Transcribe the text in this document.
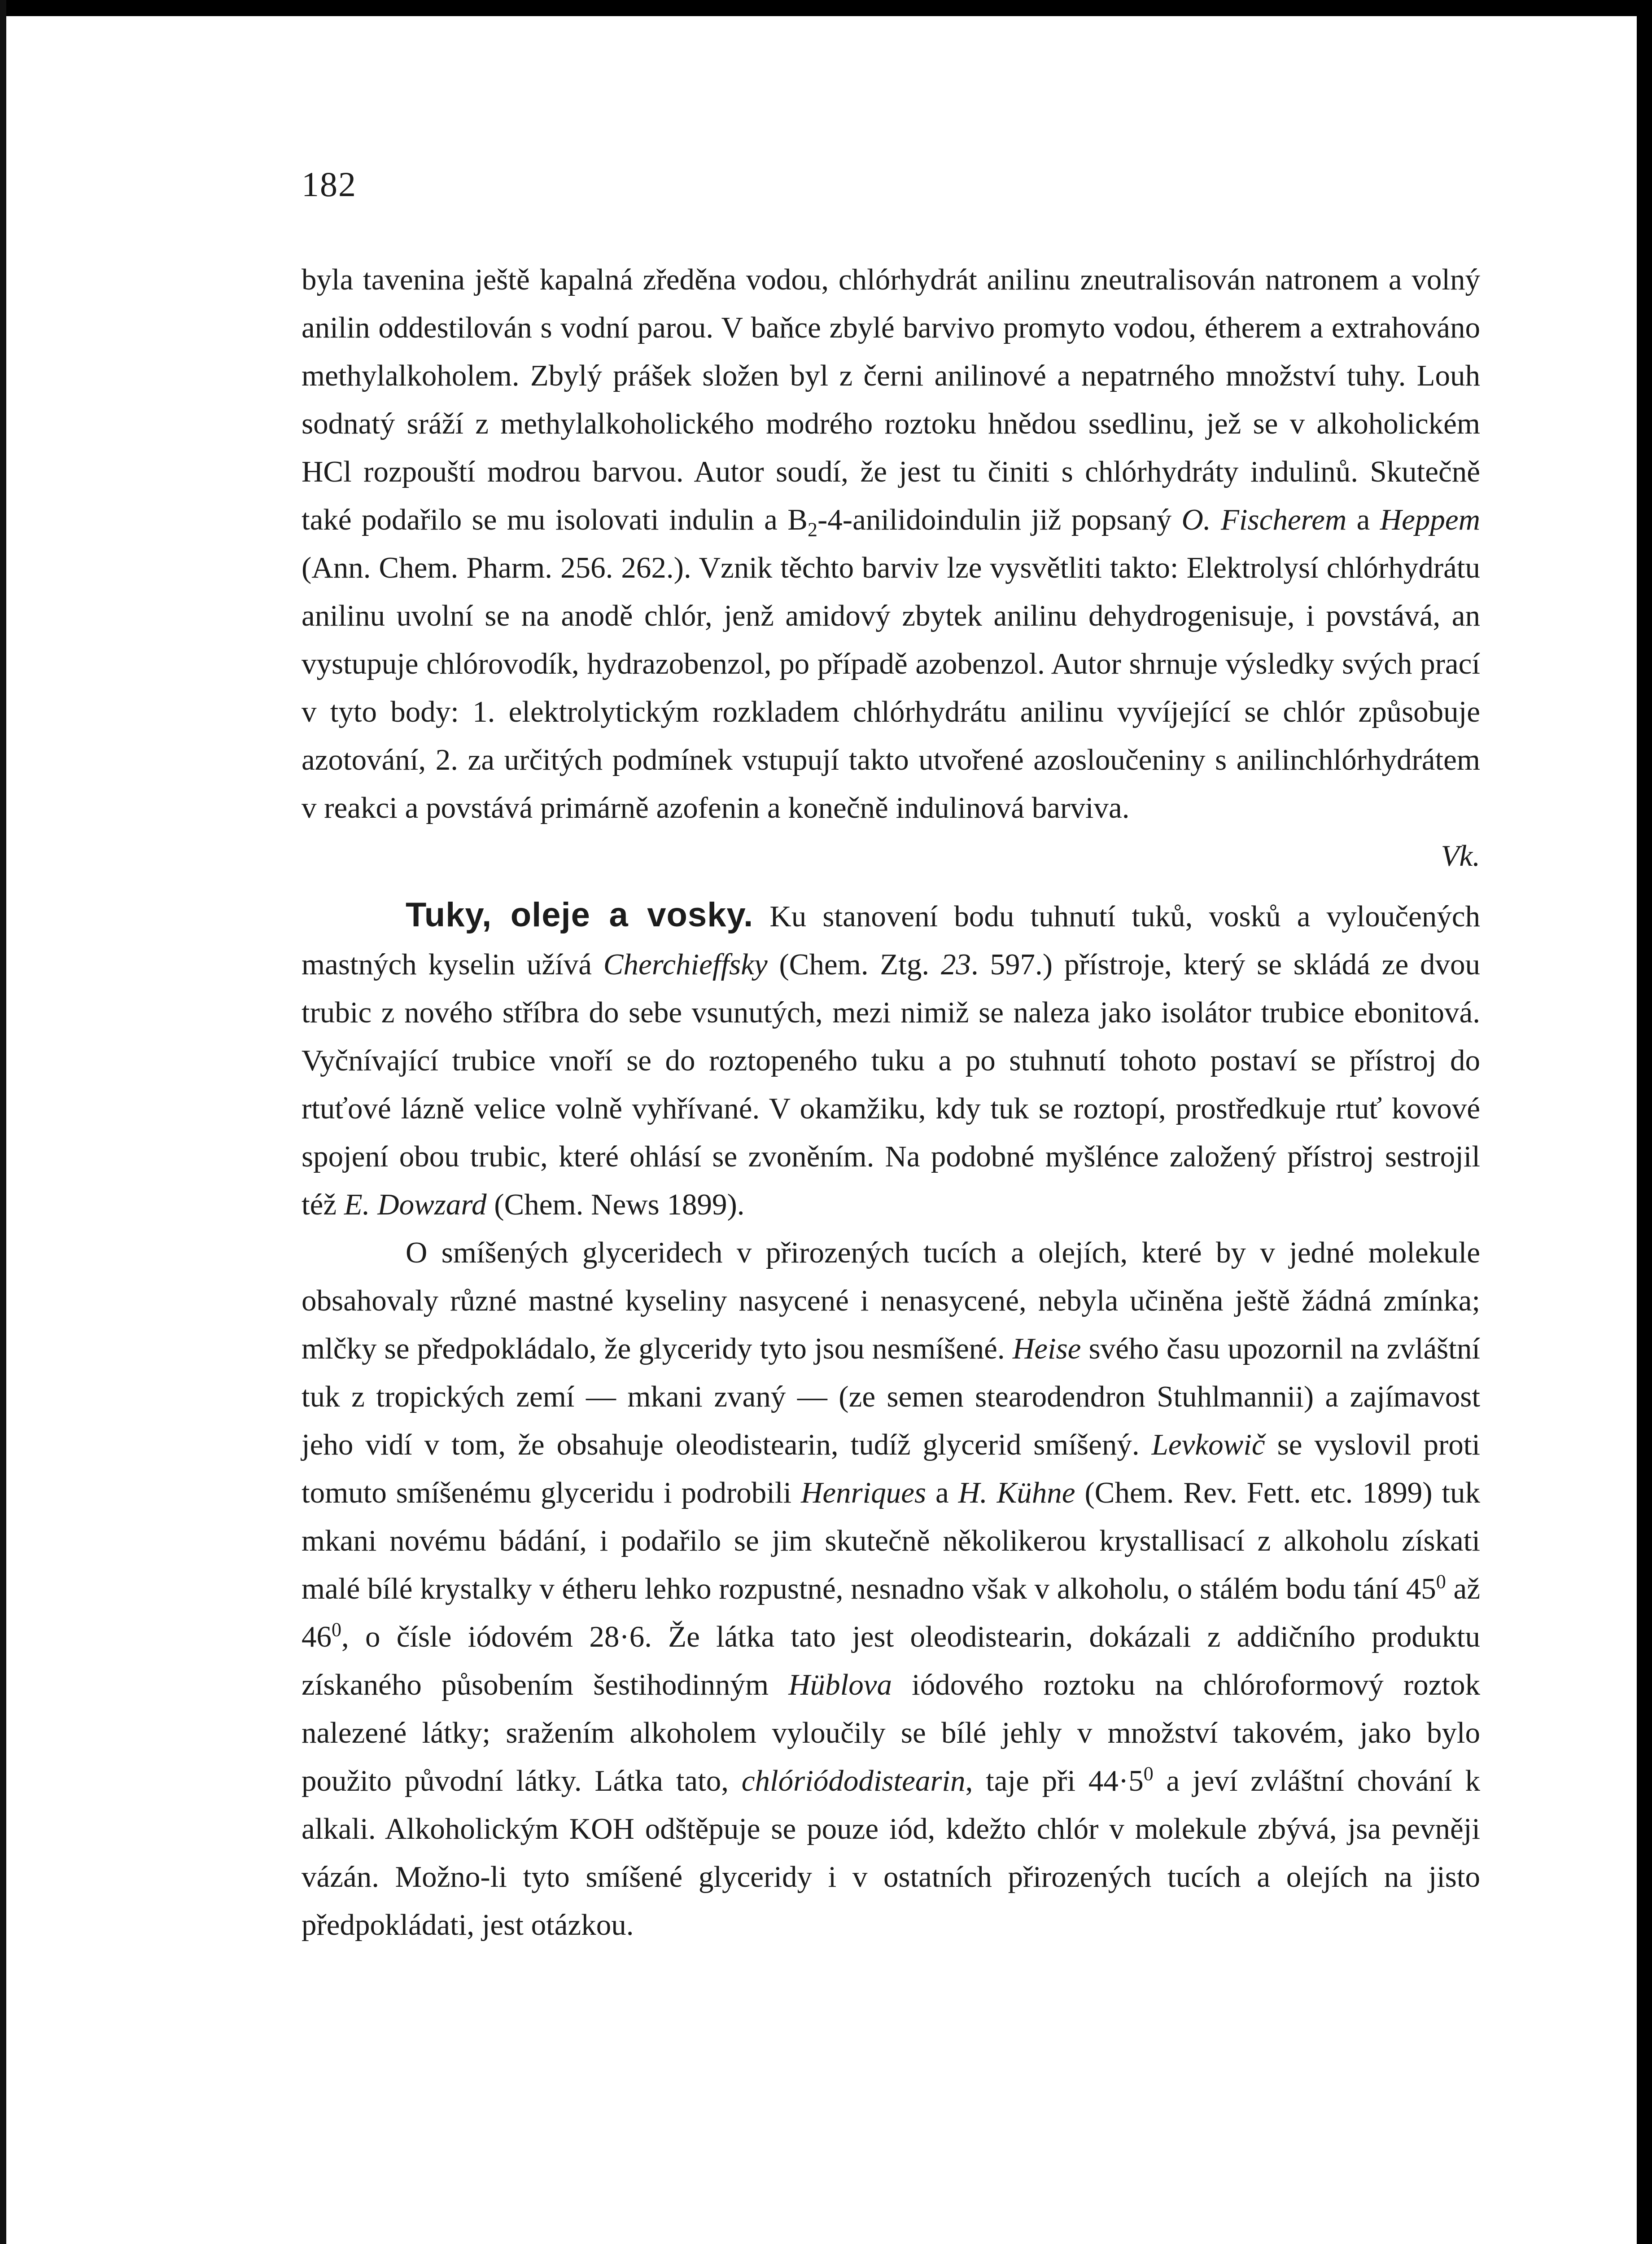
182

byla tavenina ještě kapalná zředěna vodou, chlórhydrát anilinu zneutralisován natronem a volný anilin oddestilován s vodní parou. V baňce zbylé barvivo promyto vodou, étherem a extrahováno methylalkoholem. Zbylý prášek složen byl z černi anilinové a nepatrného množství tuhy. Louh sodnatý sráží z methylalkoholického modrého roztoku hnědou ssedlinu, jež se v alkoholickém HCl rozpouští modrou barvou. Autor soudí, že jest tu činiti s chlórhydráty indulinů. Skutečně také podařilo se mu isolovati indulin a $B_2-4$-anilidoindulin již popsaný O. Fischerem a Heppem (Ann. Chem. Pharm. 256. 262.). Vznik těchto barviv lze vysvětliti takto: Elektrolysí chlórhydrátu anilinu uvolní se na anodě chlór, jenž amidový zbytek anilinu dehydrogenisuje, i povstává, an vystupuje chlórovodík, hydrazobenzol, po případě azobenzol. Autor shrnuje výsledky svých prací v tyto body: 1. elektrolytickým rozkladem chlórhydrátu anilinu vyvíjející se chlór způsobuje azotování, 2. za určitých podmínek vstupují takto utvořené azosloučeniny s anilinchlórhydrátem v reakci a povstává primárně azofenin a konečně indulinová barviva.

Vk.

Tuky, oleje a vosky. Ku stanovení bodu tuhnutí tuků, vosků a vyloučených mastných kyselin užívá Cherchieffsky (Chem. Ztg. 23. 597.) přístroje, který se skládá ze dvou trubic z nového stříbra do sebe vsunutých, mezi nimiž se naleza jako isolátor trubice ebonitová. Vyčnívající trubice vnoří se do roztopeného tuku a po stuhnutí tohoto postaví se přístroj do rtuťové lázně velice volně vyhřívané. V okamžiku, kdy tuk se roztopí, prostředkuje rtuť kovové spojení obou trubic, které ohlásí se zvoněním. Na podobné myšlénce založený přístroj sestrojil též E. Dowzard (Chem. News 1899).

O smíšených glyceridech v přirozených tucích a olejích, které by v jedné molekule obsahovaly různé mastné kyseliny nasycené i nenasycené, nebyla učiněna ještě žádná zmínka; mlčky se předpokládalo, že glyceridy tyto jsou nesmíšené. Heise svého času upozornil na zvláštní tuk z tropických zemí — mkani zvaný — (ze semen stearodendron Stuhlmannii) a zajímavost jeho vidí v tom, že obsahuje oleodistearin, tudíž glycerid smíšený. Levkowič se vyslovil proti tomuto smíšenému glyceridu i podrobili Henriques a H. Kühne (Chem. Rev. Fett. etc. 1899) tuk mkani novému bádání, i podařilo se jim skutečně několikerou krystallisací z alkoholu získati malé bílé krystalky v étheru lehko rozpustné, nesnadno však v alkoholu, o stálém bodu tání $45^0$ až $46^0$, o čísle iódovém 28·6. Že látka tato jest oleodistearin, dokázali z addičního produktu získaného působením šestihodinným Hüblova iódového roztoku na chlóroformový roztok nalezené látky; sražením alkoholem vyloučily se bílé jehly v množství takovém, jako bylo použito původní látky. Látka tato, chlóriódodistearin, taje při $44\cdot 5^0$ a jeví zvláštní chování k alkali. Alkoholickým KOH odštěpuje se pouze iód, kdežto chlór v molekule zbývá, jsa pevněji vázán. Možno-li tyto smíšené glyceridy i v ostatních přirozených tucích a olejích na jisto předpokládati, jest otázkou.
